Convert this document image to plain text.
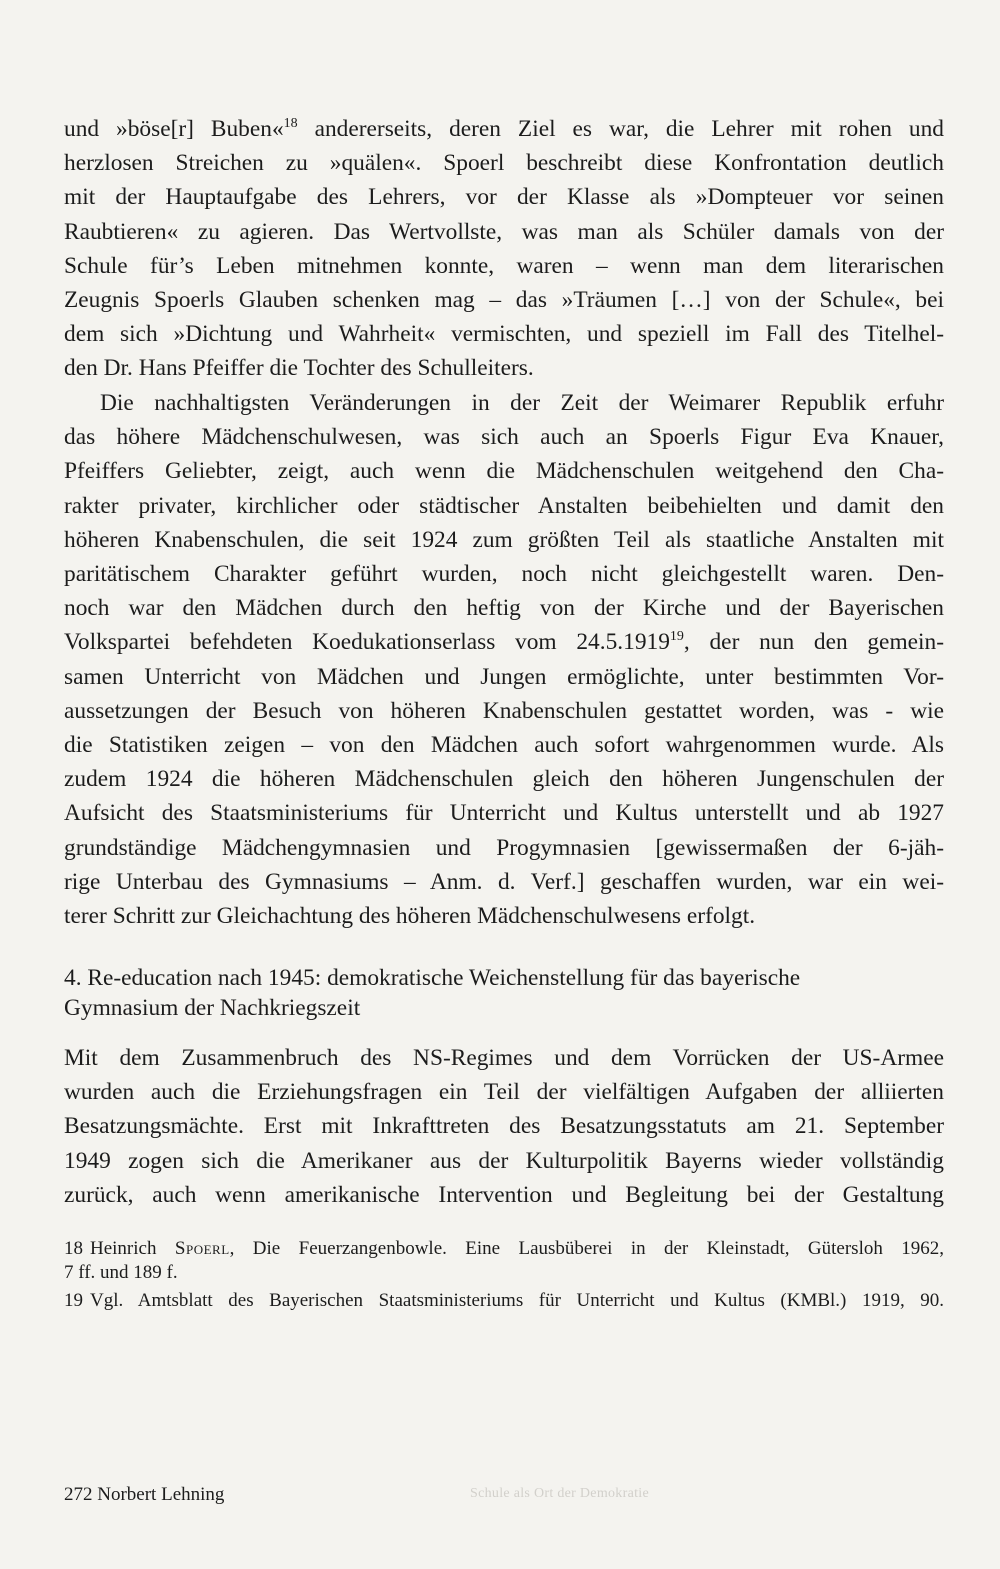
und »böse[r] Buben«$^{18}$ andererseits, deren Ziel es war, die Lehrer mit rohen und
herzlosen Streichen zu »quälen«. Spoerl beschreibt diese Konfrontation deutlich
mit der Hauptaufgabe des Lehrers, vor der Klasse als »Dompteuer vor seinen
Raubtieren« zu agieren. Das Wertvollste, was man als Schüler damals von der
Schule für’s Leben mitnehmen konnte, waren – wenn man dem literarischen
Zeugnis Spoerls Glauben schenken mag – das »Träumen […] von der Schule«, bei
dem sich »Dichtung und Wahrheit« vermischten, und speziell im Fall des Titelhel-
den Dr. Hans Pfeiffer die Tochter des Schulleiters.
Die nachhaltigsten Veränderungen in der Zeit der Weimarer Republik erfuhr
das höhere Mädchenschulwesen, was sich auch an Spoerls Figur Eva Knauer,
Pfeiffers Geliebter, zeigt, auch wenn die Mädchenschulen weitgehend den Cha-
rakter privater, kirchlicher oder städtischer Anstalten beibehielten und damit den
höheren Knabenschulen, die seit 1924 zum größten Teil als staatliche Anstalten mit
paritätischem Charakter geführt wurden, noch nicht gleichgestellt waren. Den-
noch war den Mädchen durch den heftig von der Kirche und der Bayerischen
Volkspartei befehdeten Koedukationserlass vom 24.5.1919$^{19}$, der nun den gemein-
samen Unterricht von Mädchen und Jungen ermöglichte, unter bestimmten Vor-
aussetzungen der Besuch von höheren Knabenschulen gestattet worden, was - wie
die Statistiken zeigen – von den Mädchen auch sofort wahrgenommen wurde. Als
zudem 1924 die höheren Mädchenschulen gleich den höheren Jungenschulen der
Aufsicht des Staatsministeriums für Unterricht und Kultus unterstellt und ab 1927
grundständige Mädchengymnasien und Progymnasien [gewissermaßen der 6-jäh-
rige Unterbau des Gymnasiums – Anm. d. Verf.] geschaffen wurden, war ein wei-
terer Schritt zur Gleichachtung des höheren Mädchenschulwesens erfolgt.
4. Re-education nach 1945: demokratische Weichenstellung für das bayerische
Gymnasium der Nachkriegszeit
Mit dem Zusammenbruch des NS-Regimes und dem Vorrücken der US-Armee
wurden auch die Erziehungsfragen ein Teil der vielfältigen Aufgaben der alliierten
Besatzungsmächte. Erst mit Inkrafttreten des Besatzungsstatuts am 21. September
1949 zogen sich die Amerikaner aus der Kulturpolitik Bayerns wieder vollständig
zurück, auch wenn amerikanische Intervention und Begleitung bei der Gestaltung
18 Heinrich Spoerl, Die Feuerzangenbowle. Eine Lausbüberei in der Kleinstadt, Gütersloh 1962,
7 ff. und 189 f.
19 Vgl. Amtsblatt des Bayerischen Staatsministeriums für Unterricht und Kultus (KMBl.) 1919, 90.
272 Norbert Lehning	Schule als Ort der Demokratie
